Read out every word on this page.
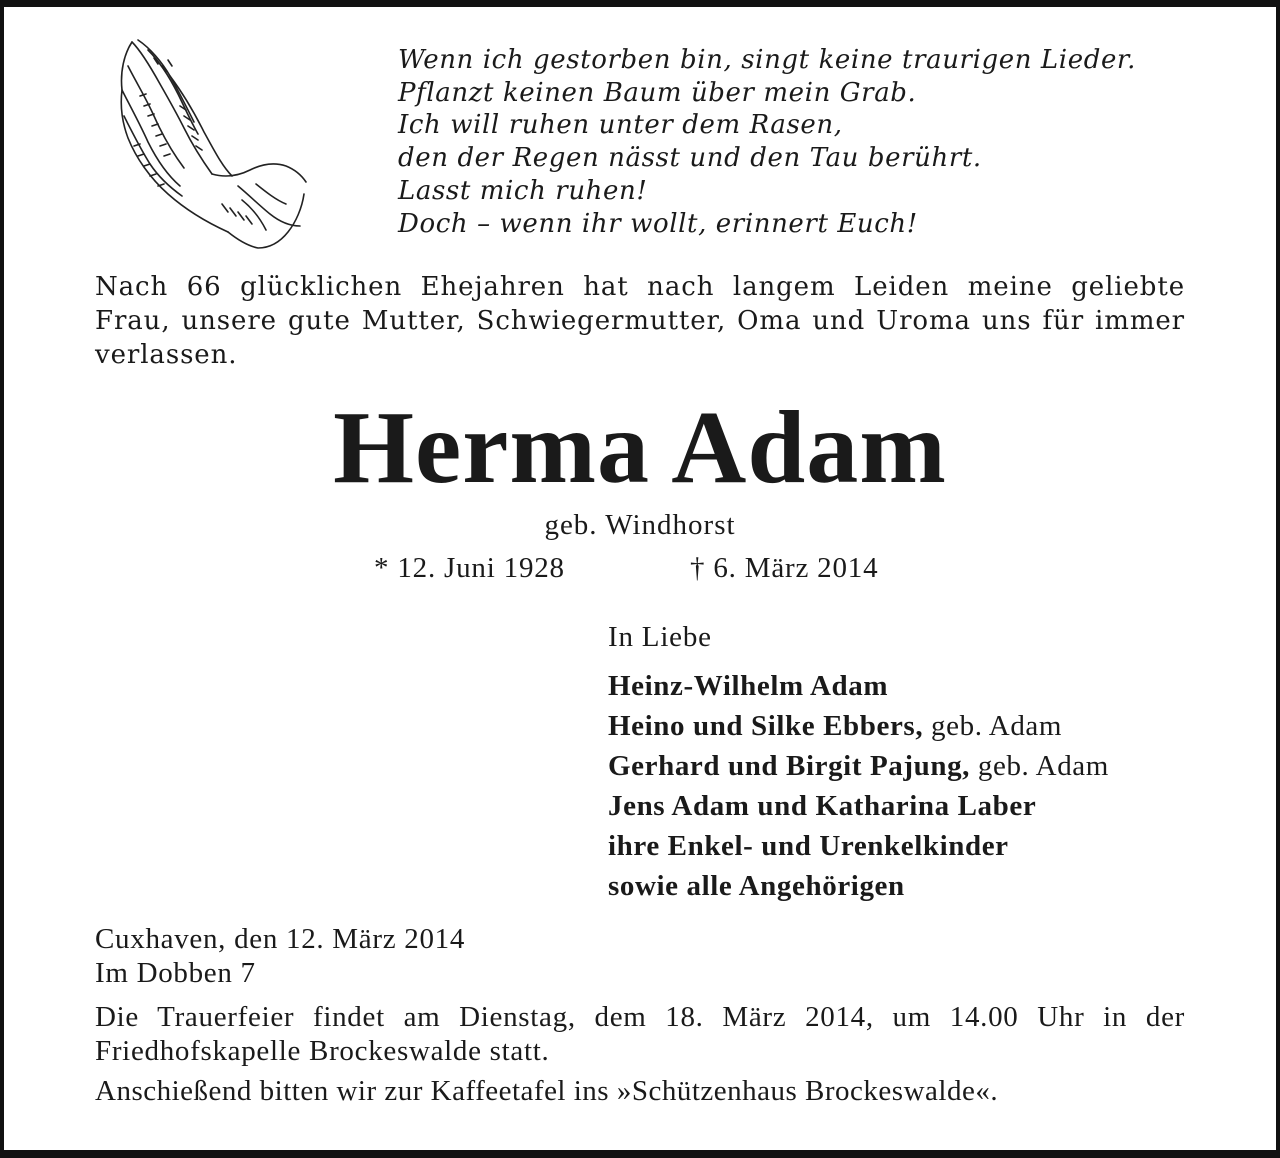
Wenn ich gestorben bin, singt keine traurigen Lieder.
Pflanzt keinen Baum über mein Grab.
Ich will ruhen unter dem Rasen,
den der Regen nässt und den Tau berührt.
Lasst mich ruhen!
Doch – wenn ihr wollt, erinnert Euch!

Nach 66 glücklichen Ehejahren hat nach langem Leiden meine geliebte Frau, unsere gute Mutter, Schwiegermutter, Oma und Uroma uns für immer verlassen.

Herma Adam

geb. Windhorst

* 12. Juni 1928	† 6. März 2014

In Liebe

Heinz-Wilhelm Adam
Heino und Silke Ebbers, geb. Adam
Gerhard und Birgit Pajung, geb. Adam
Jens Adam und Katharina Laber
ihre Enkel- und Urenkelkinder
sowie alle Angehörigen
Cuxhaven, den 12. März 2014
Im Dobben 7

Die Trauerfeier findet am Dienstag, dem 18. März 2014, um 14.00 Uhr in der Friedhofskapelle Brockeswalde statt.

Anschießend bitten wir zur Kaffeetafel ins »Schützenhaus Brockeswalde«.
